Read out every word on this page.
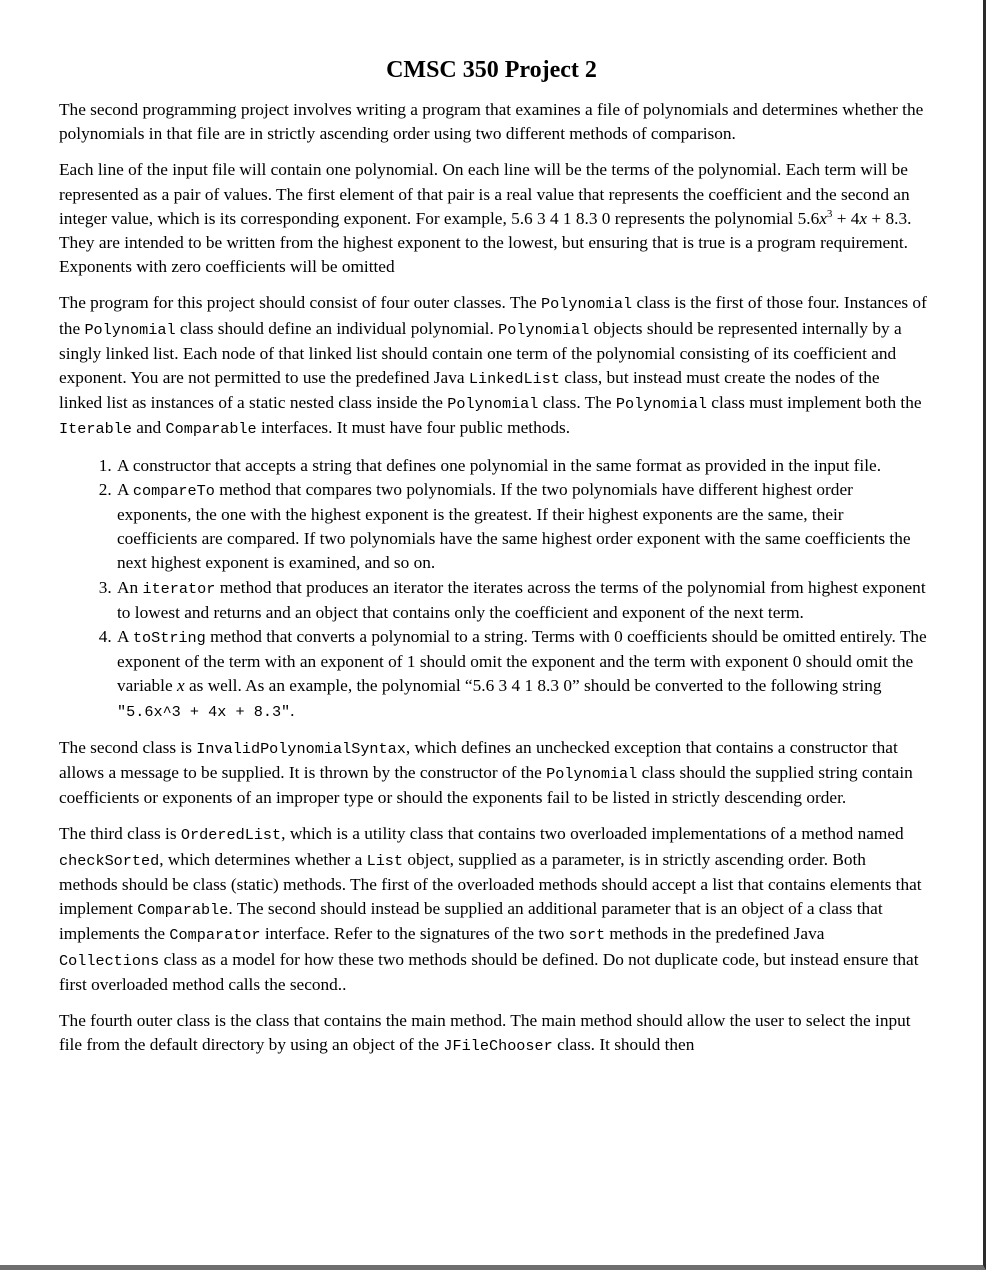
CMSC 350 Project 2

The second programming project involves writing a program that examines a file of polynomials and determines whether the polynomials in that file are in strictly ascending order using two different methods of comparison.

Each line of the input file will contain one polynomial. On each line will be the terms of the polynomial. Each term will be represented as a pair of values. The first element of that pair is a real value that represents the coefficient and the second an integer value, which is its corresponding exponent. For example, 5.6 3 4 1 8.3 0 represents the polynomial $5.6x^3 + 4x + 8.3$. They are intended to be written from the highest exponent to the lowest, but ensuring that is true is a program requirement. Exponents with zero coefficients will be omitted

The program for this project should consist of four outer classes. The Polynomial class is the first of those four. Instances of the Polynomial class should define an individual polynomial. Polynomial objects should be represented internally by a singly linked list. Each node of that linked list should contain one term of the polynomial consisting of its coefficient and exponent. You are not permitted to use the predefined Java LinkedList class, but instead must create the nodes of the linked list as instances of a static nested class inside the Polynomial class. The Polynomial class must implement both the Iterable and Comparable interfaces. It must have four public methods.

1. A constructor that accepts a string that defines one polynomial in the same format as provided in the input file.
2. A compareTo method that compares two polynomials. If the two polynomials have different highest order exponents, the one with the highest exponent is the greatest. If their highest exponents are the same, their coefficients are compared. If two polynomials have the same highest order exponent with the same coefficients the next highest exponent is examined, and so on.
3. An iterator method that produces an iterator the iterates across the terms of the polynomial from highest exponent to lowest and returns and an object that contains only the coefficient and exponent of the next term.
4. A toString method that converts a polynomial to a string. Terms with 0 coefficients should be omitted entirely. The exponent of the term with an exponent of 1 should omit the exponent and the term with exponent 0 should omit the variable x as well. As an example, the polynomial “5.6 3 4 1 8.3 0” should be converted to the following string "5.6x^3 + 4x + 8.3".

The second class is InvalidPolynomialSyntax, which defines an unchecked exception that contains a constructor that allows a message to be supplied. It is thrown by the constructor of the Polynomial class should the supplied string contain coefficients or exponents of an improper type or should the exponents fail to be listed in strictly descending order.

The third class is OrderedList, which is a utility class that contains two overloaded implementations of a method named checkSorted, which determines whether a List object, supplied as a parameter, is in strictly ascending order. Both methods should be class (static) methods. The first of the overloaded methods should accept a list that contains elements that implement Comparable. The second should instead be supplied an additional parameter that is an object of a class that implements the Comparator interface. Refer to the signatures of the two sort methods in the predefined Java Collections class as a model for how these two methods should be defined. Do not duplicate code, but instead ensure that first overloaded method calls the second..

The fourth outer class is the class that contains the main method. The main method should allow the user to select the input file from the default directory by using an object of the JFileChooser class. It should then
